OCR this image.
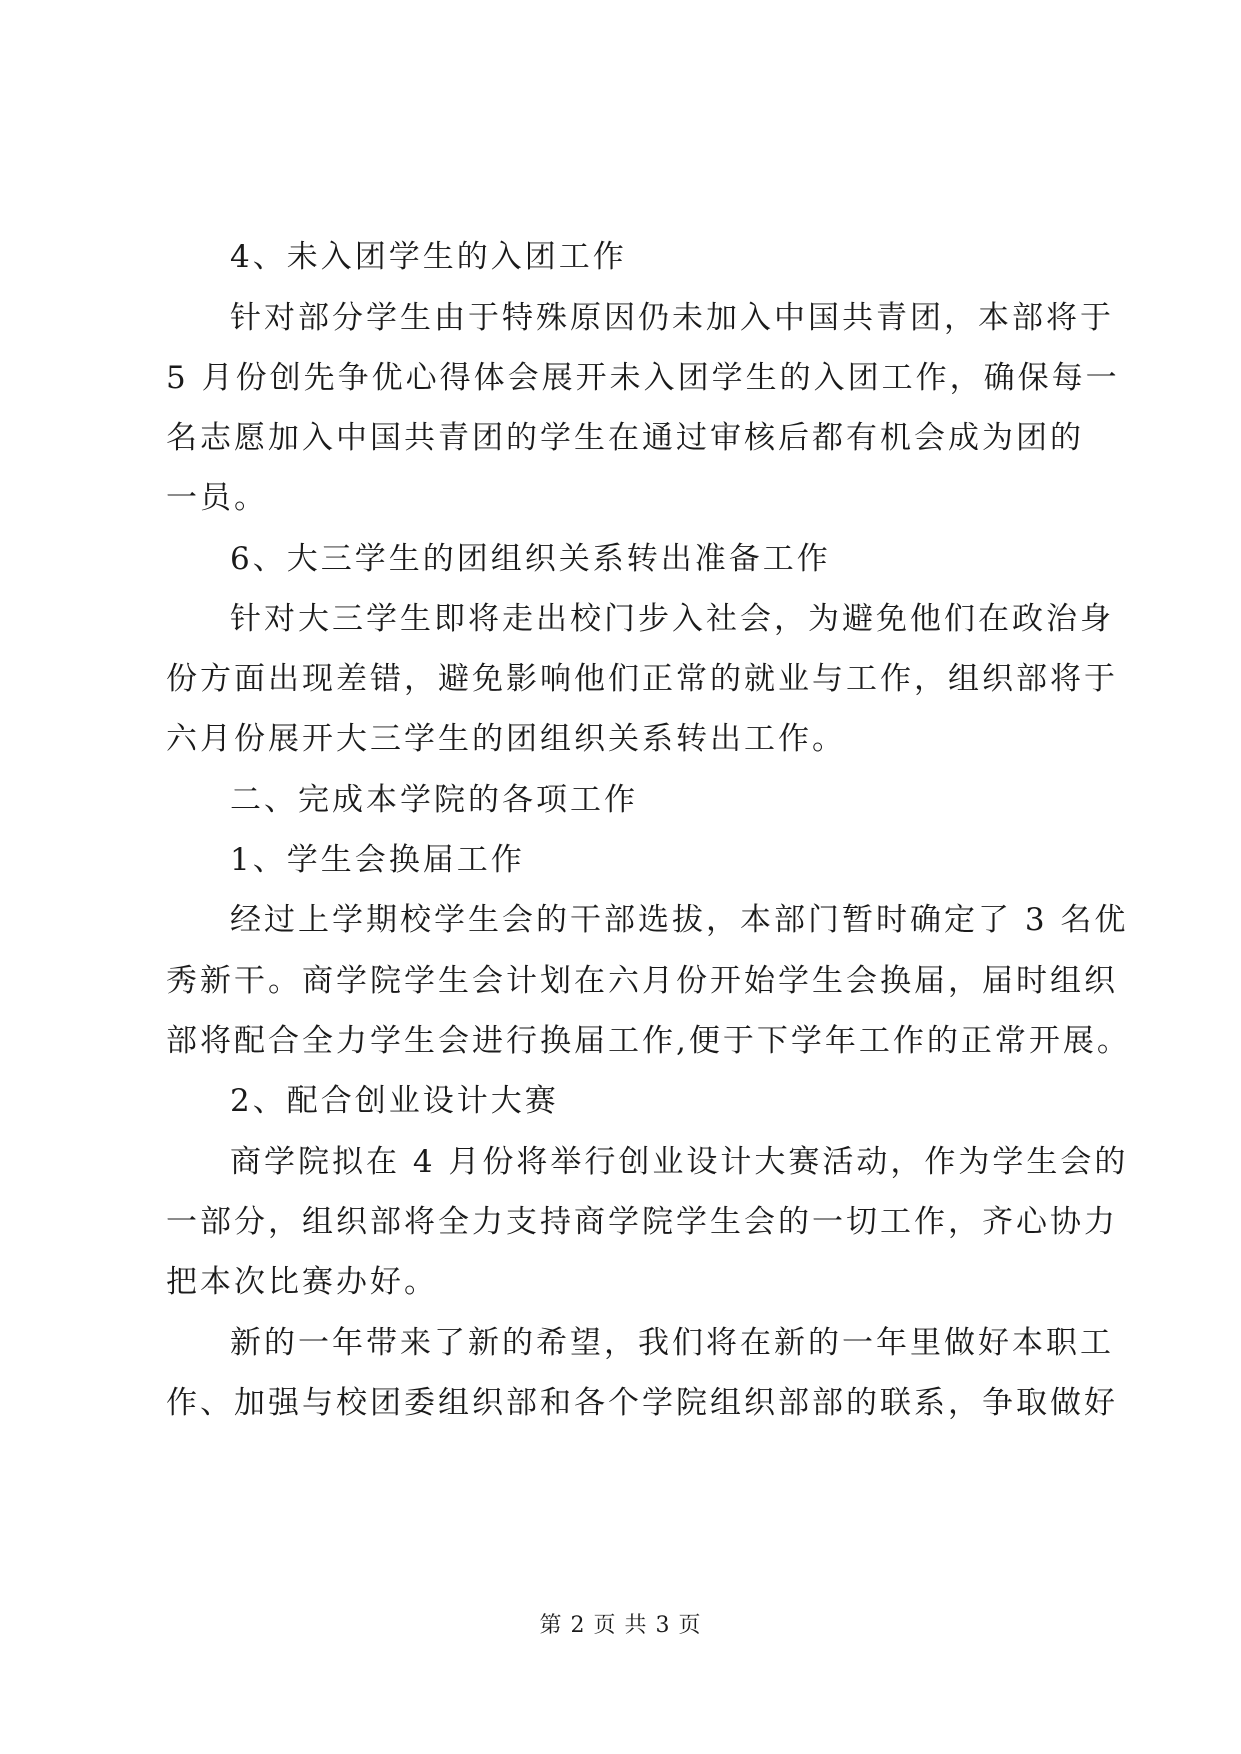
4、未入团学生的入团工作
针对部分学生由于特殊原因仍未加入中国共青团，本部将于
5 月份创先争优心得体会展开未入团学生的入团工作，确保每一
名志愿加入中国共青团的学生在通过审核后都有机会成为团的
一员。
6、大三学生的团组织关系转出准备工作
针对大三学生即将走出校门步入社会，为避免他们在政治身
份方面出现差错，避免影响他们正常的就业与工作，组织部将于
六月份展开大三学生的团组织关系转出工作。
二、完成本学院的各项工作
1、学生会换届工作
经过上学期校学生会的干部选拔，本部门暂时确定了 3 名优
秀新干。商学院学生会计划在六月份开始学生会换届，届时组织
部将配合全力学生会进行换届工作,便于下学年工作的正常开展。
2、配合创业设计大赛
商学院拟在 4 月份将举行创业设计大赛活动，作为学生会的
一部分，组织部将全力支持商学院学生会的一切工作，齐心协力
把本次比赛办好。
新的一年带来了新的希望，我们将在新的一年里做好本职工
作、加强与校团委组织部和各个学院组织部部的联系，争取做好
第 2 页 共 3 页
